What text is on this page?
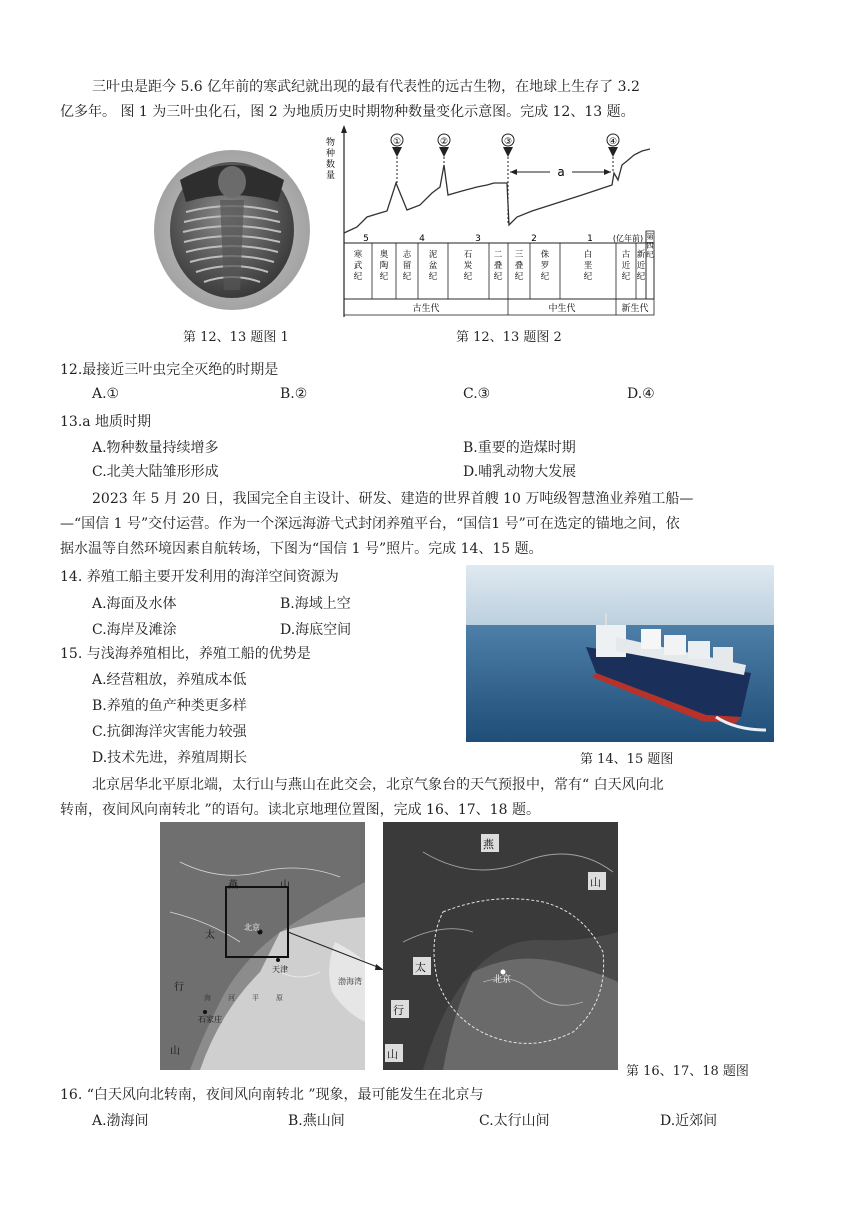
三叶虫是距今 5.6 亿年前的寒武纪就出现的最有代表性的远古生物，在地球上生存了 3.2
亿多年。 图 1 为三叶虫化石，图 2 为地质历史时期物种数量变化示意图。完成 12、13 题。
物种数量
①	②	③	④
a
5	4	3	2	1	(亿年前)
寒武纪
奥陶纪
志留纪
泥盆纪
石炭纪
二叠纪
三叠纪
侏罗纪
白垩纪
古近纪
新近纪
第四纪
古生代	中生代	新生代
第 12、13 题图 1	第 12、13 题图 2
12.最接近三叶虫完全灭绝的时期是
A.①	B.②	C.③	D.④
13.a 地质时期
A.物种数量持续增多	B.重要的造煤时期
C.北美大陆雏形形成	D.哺乳动物大发展
2023 年 5 月 20 日，我国完全自主设计、研发、建造的世界首艘 10 万吨级智慧渔业养殖工船—
—“国信 1 号”交付运营。作为一个深远海游弋式封闭养殖平台，“国信1 号”可在选定的锚地之间，依
据水温等自然环境因素自航转场，下图为“国信 1 号”照片。完成 14、15 题。
14. 养殖工船主要开发利用的海洋空间资源为
A.海面及水体	B.海域上空
C.海岸及滩涂	D.海底空间
15. 与浅海养殖相比，养殖工船的优势是
A.经营粗放，养殖成本低
B.养殖的鱼产种类更多样
C.抗御海洋灾害能力较强
D.技术先进，养殖周期长	第 14、15 题图
北京居华北平原北端，太行山与燕山在此交会，北京气象台的天气预报中，常有“ 白天风向北
转南，夜间风向南转北 ”的语句。读北京地理位置图，完成 16、17、18 题。
燕	山
太
行
山
北京
天津
渤海湾
海 河 平 原
石家庄
燕
山
太
行
山
北京
第 16、17、18 题图
16. “白天风向北转南，夜间风向南转北 ”现象，最可能发生在北京与
A.渤海间	B.燕山间	C.太行山间	D.近郊间
